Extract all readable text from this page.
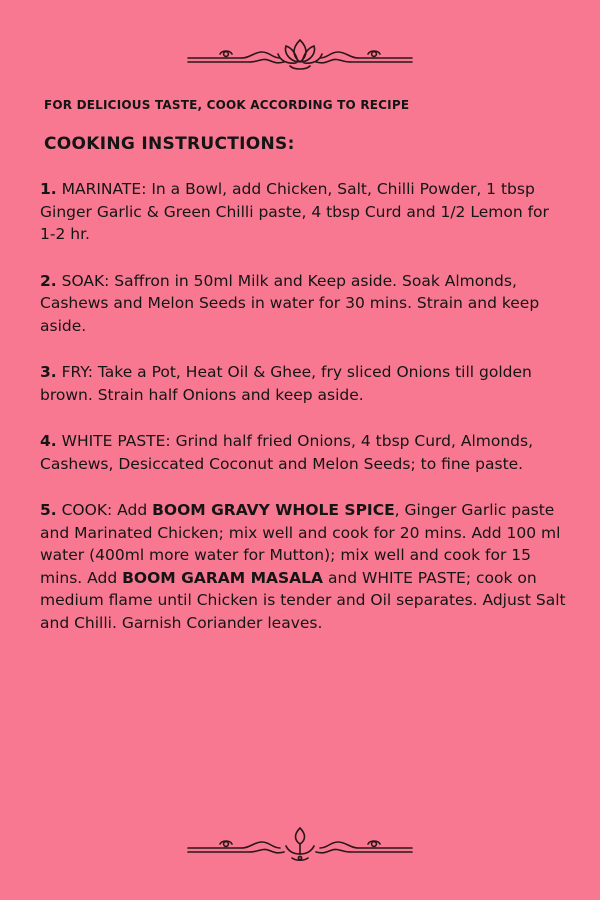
FOR DELICIOUS TASTE, COOK ACCORDING TO RECIPE

COOKING INSTRUCTIONS:
1. MARINATE: In a Bowl, add Chicken, Salt, Chilli Powder, 1 tbsp Ginger Garlic & Green Chilli paste, 4 tbsp Curd and 1/2 Lemon for 1-2 hr.
2. SOAK: Saffron in 50ml Milk and Keep aside. Soak Almonds, Cashews and Melon Seeds in water for 30 mins. Strain and keep aside.
3. FRY: Take a Pot, Heat Oil & Ghee, fry sliced Onions till golden brown. Strain half Onions and keep aside.
4. WHITE PASTE: Grind half fried Onions, 4 tbsp Curd, Almonds, Cashews, Desiccated Coconut and Melon Seeds; to fine paste.
5. COOK: Add BOOM GRAVY WHOLE SPICE, Ginger Garlic paste and Marinated Chicken; mix well and cook for 20 mins. Add 100 ml water (400ml more water for Mutton); mix well and cook for 15 mins. Add BOOM GARAM MASALA and WHITE PASTE; cook on medium flame until Chicken is tender and Oil separates. Adjust Salt and Chilli. Garnish Coriander leaves.
